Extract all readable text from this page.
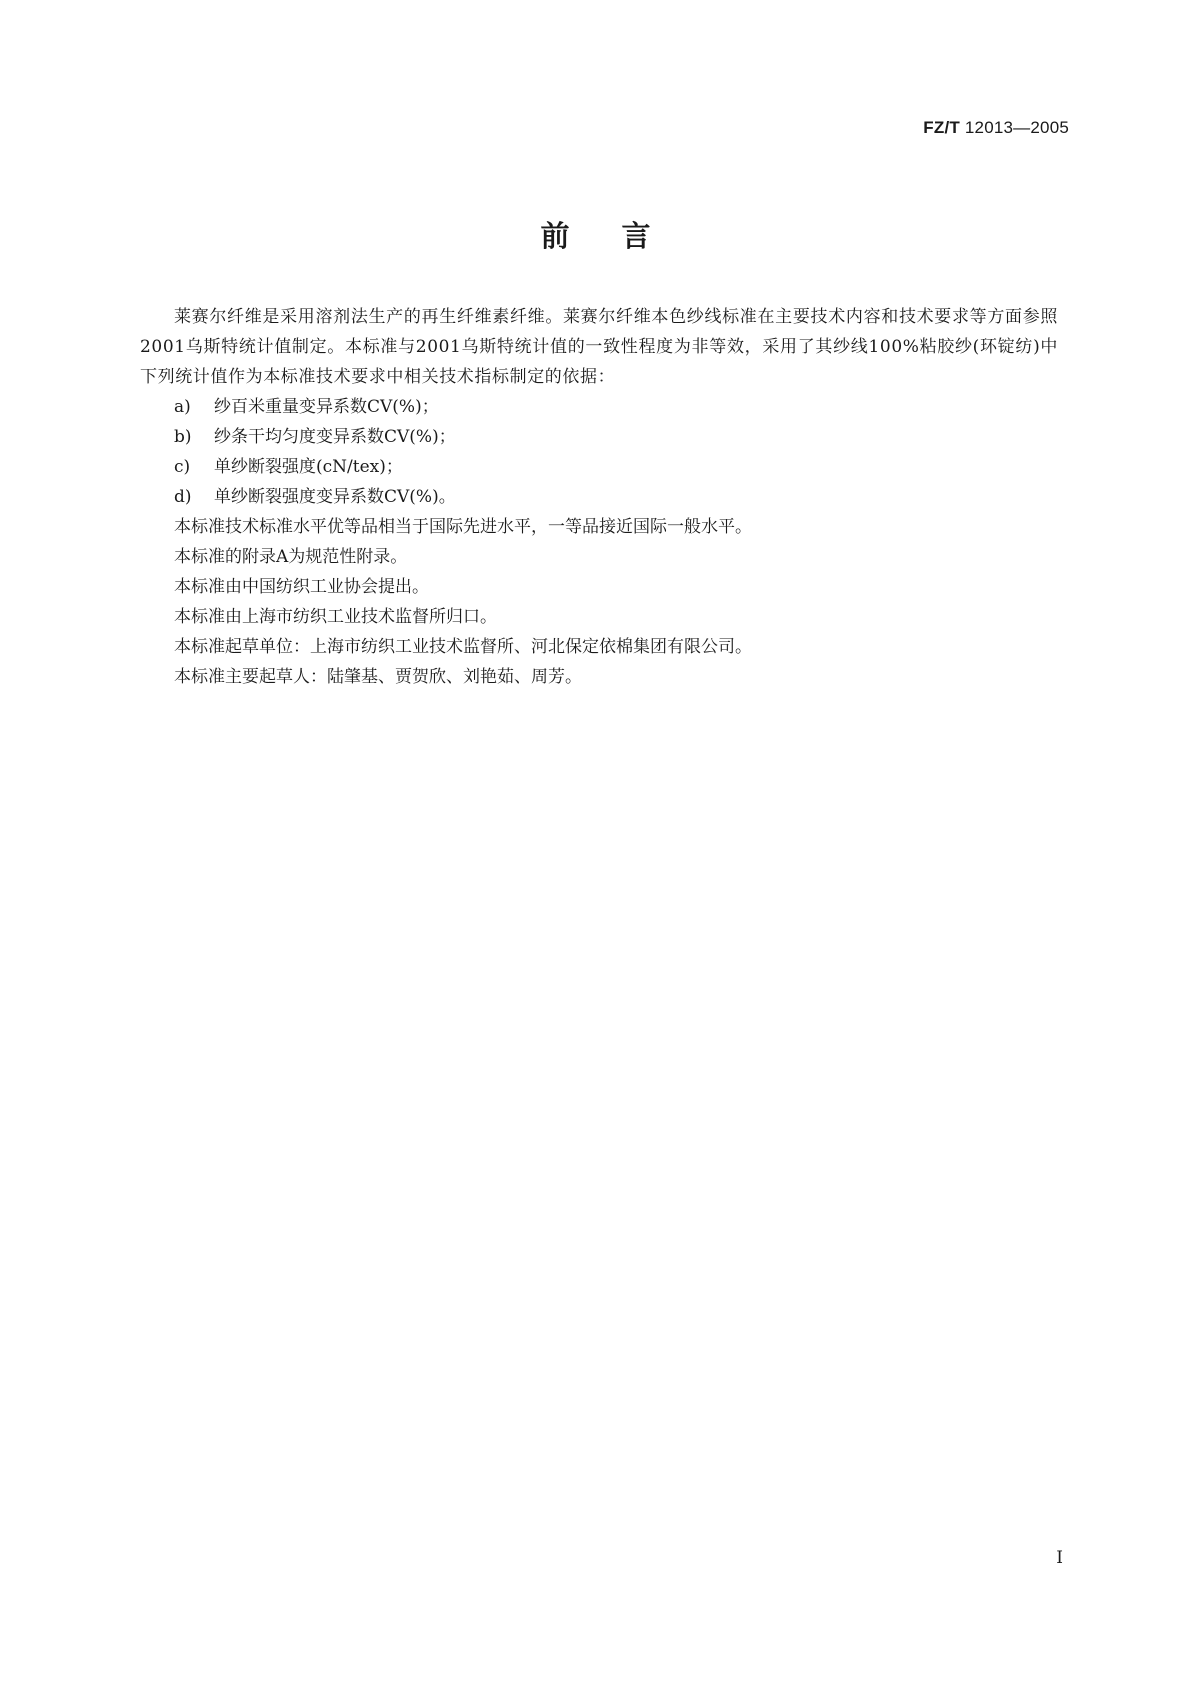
FZ/T 12013—2005
前言

莱赛尔纤维是采用溶剂法生产的再生纤维素纤维。莱赛尔纤维本色纱线标准在主要技术内容和技术要求等方面参照2001乌斯特统计值制定。本标准与2001乌斯特统计值的一致性程度为非等效，采用了其纱线100%粘胶纱(环锭纺)中下列统计值作为本标准技术要求中相关技术指标制定的依据：

a)	纱百米重量变异系数CV(%)；

b)	纱条干均匀度变异系数CV(%)；

c)	单纱断裂强度(cN/tex)；

d)	单纱断裂强度变异系数CV(%)。

本标准技术标准水平优等品相当于国际先进水平，一等品接近国际一般水平。

本标准的附录A为规范性附录。

本标准由中国纺织工业协会提出。

本标准由上海市纺织工业技术监督所归口。

本标准起草单位：上海市纺织工业技术监督所、河北保定依棉集团有限公司。

本标准主要起草人：陆肇基、贾贺欣、刘艳茹、周芳。

I
